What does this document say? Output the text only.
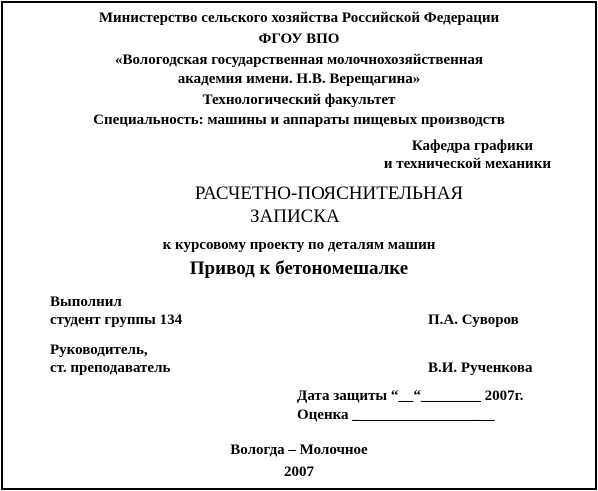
Министерство сельского хозяйства Российской Федерации
ФГОУ ВПО
«Вологодская государственная молочнохозяйственная
академия имени. Н.В. Верещагина»
Технологический факультет
Специальность: машины и аппараты пищевых производств
Кафедра графики
и технической механики
РАСЧЕТНО-ПОЯСНИТЕЛЬНАЯ
ЗАПИСКА
к курсовому проекту по деталям машин
Привод к бетономешалке
Выполнил
студент группы 134	П.А. Суворов
Руководитель,
ст. преподаватель	В.И. Рученкова
Дата защиты “__“________ 2007г.
Оценка ___________________
Вологда – Молочное
2007
